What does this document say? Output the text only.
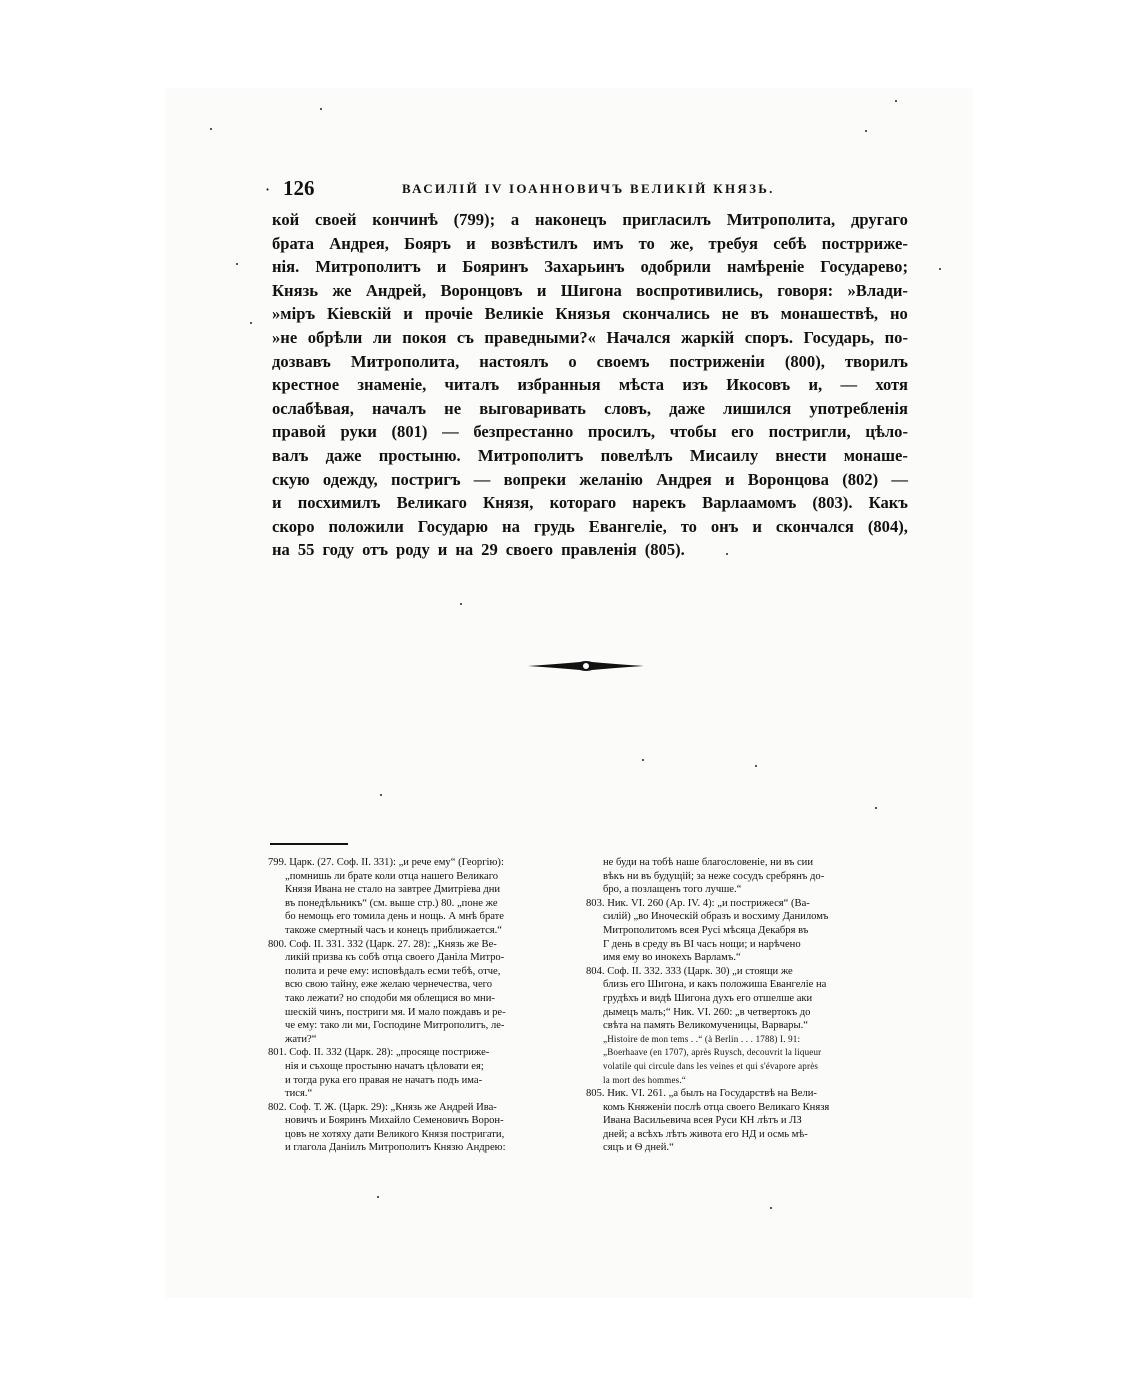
· 126	ВАСИЛІЙ IV ІОАННОВИЧЪ ВЕЛИКІЙ КНЯЗЬ.
кой своей кончинѣ (799); а наконецъ пригласилъ Митрополита, другаго
брата Андрея, Бояръ и возвѣстилъ имъ то же, требуя себѣ пострриже-
нія. Митрополитъ и Бояринъ Захарьинъ одобрили намѣреніе Государево;
Князь же Андрей, Воронцовъ и Шигона воспротивились, говоря: »Влади-
»міръ Кіевскій и прочіе Великіе Князья скончались не въ монашествѣ, но
»не обрѣли ли покоя съ праведными?« Начался жаркій споръ. Государь, по-
дозвавъ Митрополита, настоялъ о своемъ постриженіи (800), творилъ
крестное знаменіе, читалъ избранныя мѣста изъ Икосовъ и, — хотя
ослабѣвая, началъ не выговаривать словъ, даже лишился употребленія
правой руки (801) — безпрестанно просилъ, чтобы его постригли, цѣло-
валъ даже простыню. Митрополитъ повелѣлъ Мисаилу внести монаше-
скую одежду, постригъ — вопреки желанію Андрея и Воронцова (802) —
и посхимилъ Великаго Князя, котораго нарекъ Варлаамомъ (803). Какъ
скоро положили Государю на грудь Евангеліе, то онъ и скончался (804),
на 55 году отъ роду и на 29 своего правленія (805).
799. Царк. (27. Соф. II. 331): „и рече ему“ (Георгію):
„помнишь ли брате коли отца нашего Великаго
Князя Ивана не стало на завтрее Дмитріева дни
въ понедѣльникъ“ (см. выше стр.) 80. „поне же
бо немощь его томила день и нощь. А мнѣ брате
такоже смертный часъ и конецъ приближается.“
800. Соф. II. 331. 332 (Царк. 27. 28): „Князь же Ве-
ликій призва къ собѣ отца своего Даніла Митро-
полита и рече ему: исповѣдалъ есми тебѣ, отче,
всю свою тайну, еже желаю чернечества, чего
тако лежати? но сподоби мя облещися во мни-
шескій чинъ, постриги мя. И мало пождавъ и ре-
че ему: тако ли ми, Господине Митрополитъ, ле-
жати?“
801. Соф. II. 332 (Царк. 28): „просяще постриже-
нія и съхоще простыню начатъ цѣловати ея;
и тогда рука его правая не начатъ подъ има-
тися.“
802. Соф. Т. Ж. (Царк. 29): „Князь же Андрей Ива-
новичъ и Бояринъ Михайло Семеновичъ Ворон-
цовъ не хотяху дати Великого Князя постригати,
и глагола Даніилъ Митрополитъ Князю Андрею:
не буди на тобѣ наше благословеніе, ни въ сии
вѣкъ ни въ будущій; за неже сосудъ сребрянъ до-
бро, а позлащенъ того лучше.“
803. Ник. VI. 260 (Ар. IV. 4): „и пострижеся“ (Ва-
силій) „во Иноческій образъ и восхиму Даниломъ
Митрополитомъ всея Русі мѣсяца Декабря въ
Г день в среду въ ВІ часъ нощи; и нарѣчено
имя ему во инокехъ Варламъ.“
804. Соф. II. 332. 333 (Царк. 30) „и стоящи же
близь его Шигона, и какъ положиша Евангеліе на
грудѣхъ и видѣ Шигона духъ его отшелше аки
дымецъ малъ;“ Ник. VI. 260: „в четвертокъ до
свѣта на память Великомученицы, Варвары.“
„Histoire de mon tems . .“ (à Berlin . . . 1788) I. 91:
„Boerhaave (en 1707), après Ruysch, decouvrit la liqueur
volatile qui circule dans les veines et qui s'évapore après
la mort des hommes.“
805. Ник. VI. 261. „а былъ на Государствѣ на Вели-
комъ Княженіи послѣ отца своего Великаго Князя
Ивана Васильевича всея Руси КН лѣтъ и ЛЗ
дней; а всѣхъ лѣтъ живота его НД и осмь мѣ-
сяцъ и Ѳ дней.“
